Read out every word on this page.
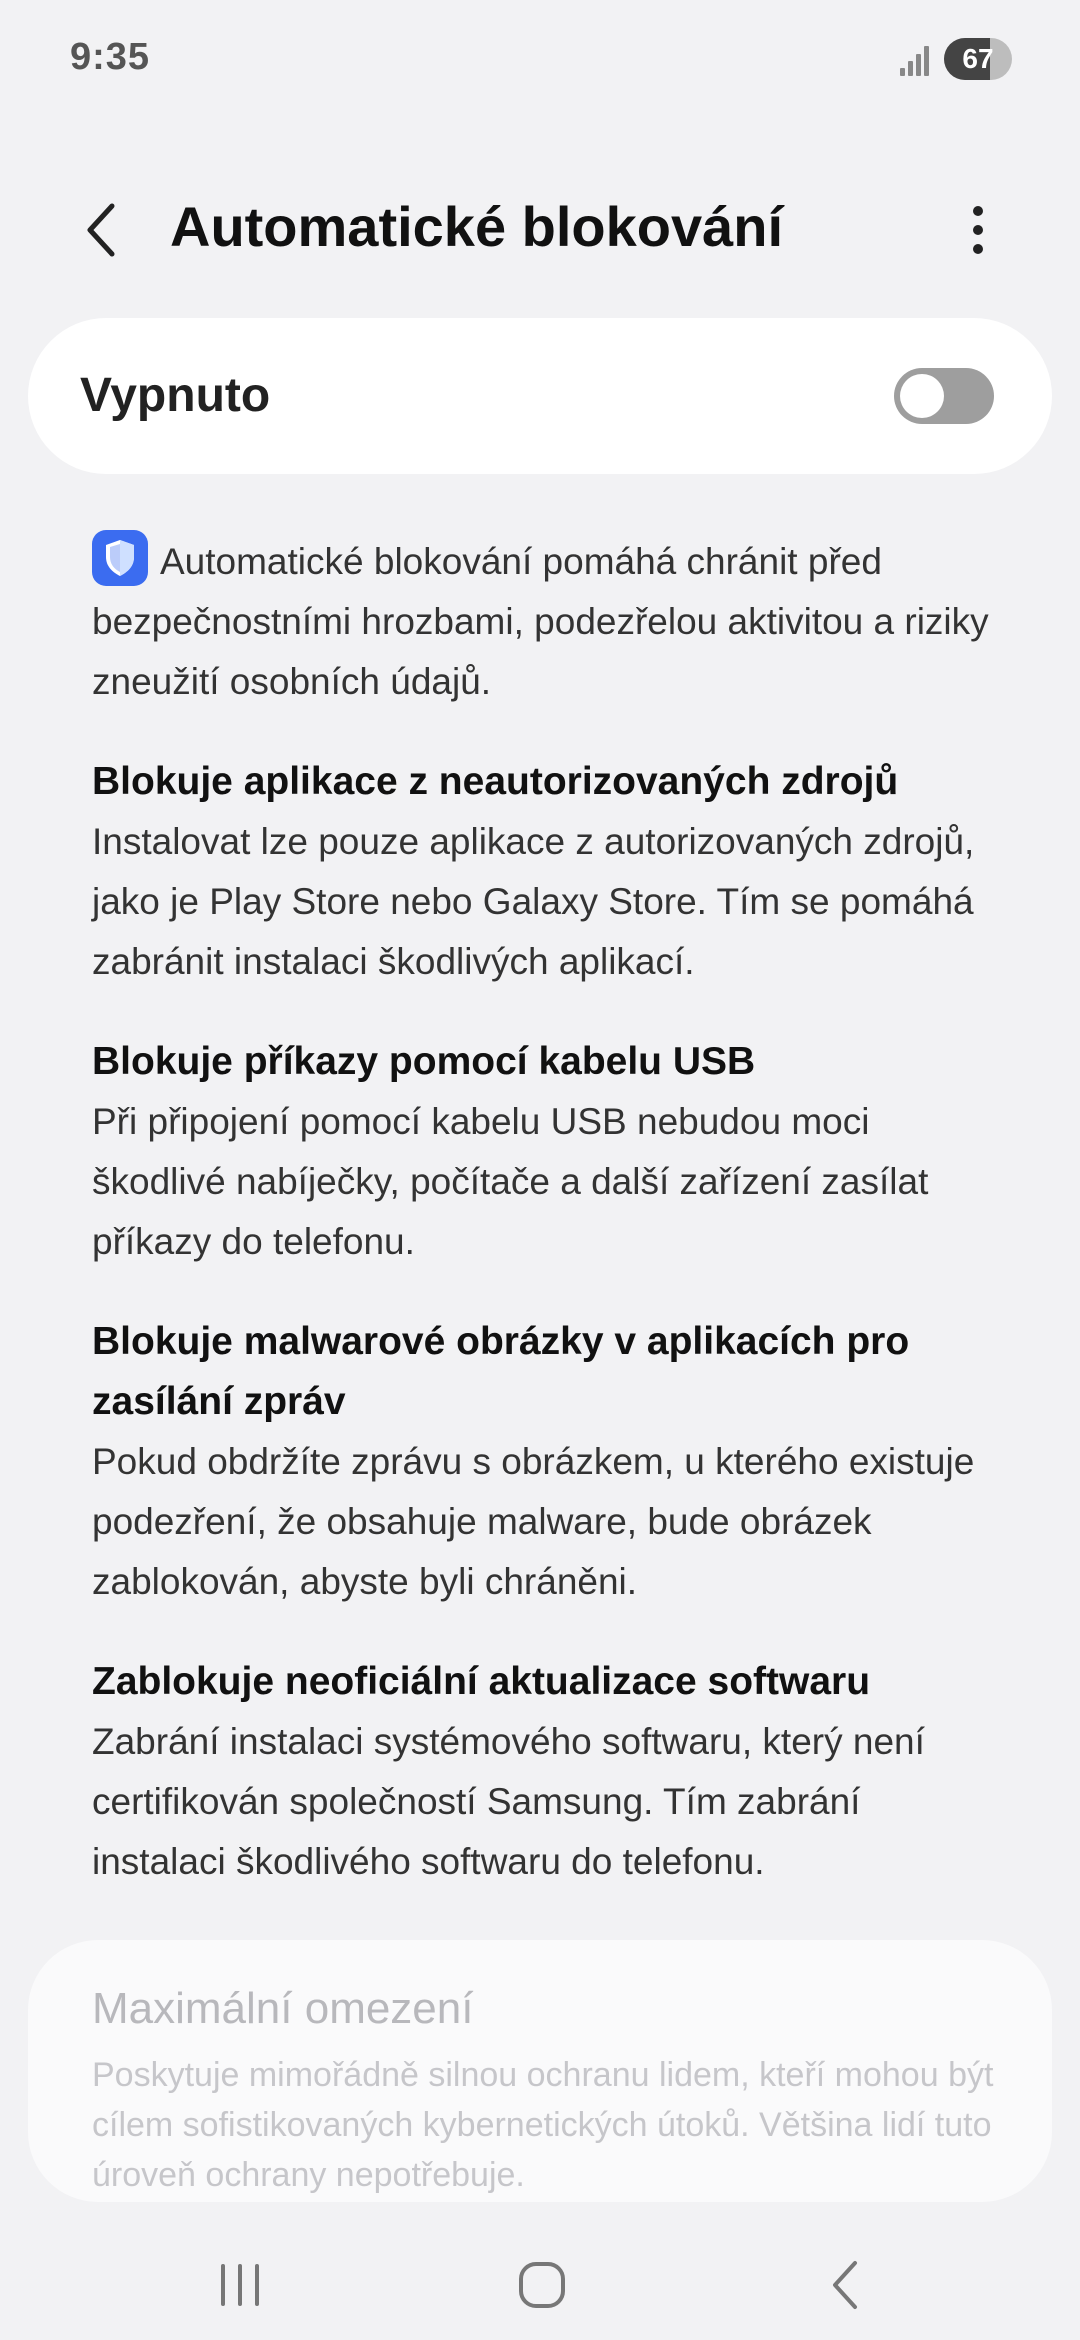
9:35	67
Automatické blokování
Vypnuto
Automatické blokování pomáhá chránit před bezpečnostními hrozbami, podezřelou aktivitou a riziky zneužití osobních údajů.
Blokuje aplikace z neautorizovaných zdrojů
Instalovat lze pouze aplikace z autorizovaných zdrojů, jako je Play Store nebo Galaxy Store. Tím se pomáhá zabránit instalaci škodlivých aplikací.
Blokuje příkazy pomocí kabelu USB
Při připojení pomocí kabelu USB nebudou moci škodlivé nabíječky, počítače a další zařízení zasílat příkazy do telefonu.
Blokuje malwarové obrázky v aplikacích pro zasílání zpráv
Pokud obdržíte zprávu s obrázkem, u kterého existuje podezření, že obsahuje malware, bude obrázek zablokován, abyste byli chráněni.
Zablokuje neoficiální aktualizace softwaru
Zabrání instalaci systémového softwaru, který není certifikován společností Samsung. Tím zabrání instalaci škodlivého softwaru do telefonu.
Maximální omezení
Poskytuje mimořádně silnou ochranu lidem, kteří mohou být cílem sofistikovaných kybernetických útoků. Většina lidí tuto úroveň ochrany nepotřebuje.
